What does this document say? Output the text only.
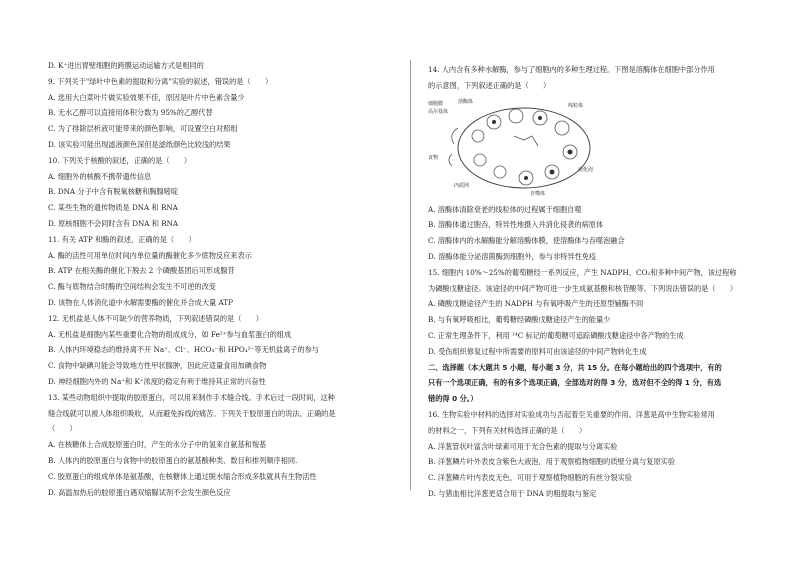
D. K⁺进出胃壁细胞的跨膜运动运输方式是相同的
9. 下列关于"绿叶中色素的提取和分离"实验的叙述，错误的是（　　）
A. 选用大白菜叶片做实验效果不佳，原因是叶片中色素含量少
B. 无水乙醇可以直接用体积分数为 95%的乙醇代替
C. 为了排除层析液可能带来的颜色影响，可设置空白对照组
D. 该实验可能出现滤液颜色深但是滤纸颜色比较浅的结果
10. 下列关于核酸的叙述，正确的是（　　）
A. 细胞外的核酸不携带遗传信息
B. DNA 分子中含有脱氧核糖和胸腺嘧啶
C. 某些生物的遗传物质是 DNA 和 RNA
D. 原核细胞不会同时含有 DNA 和 RNA
11. 有关 ATP 和酶的叙述，正确的是（　　）
A. 酶的活性可用单位时间内单位量的酶催化多少底物反应来表示
B. ATP 在相关酶的催化下脱去 2 个磷酸基团后可形成腺苷
C. 酶与底物结合时酶的空间结构会发生不可逆的改变
D. 该物在人体消化道中水解需要酶的催化并合成大量 ATP
12. 无机盐是人体不可缺少的营养物质，下列叙述错误的是（　　）
A. 无机盐是细胞内某些重要化合物的组成成分，如 Fe²⁺参与血浆蛋白的组成
B. 人体内环境稳态的维持离不开 Na⁺、Cl⁻、HCO₃⁻和 HPO₄²⁻等无机盐离子的参与
C. 食物中缺碘可能会导致地方性甲状腺肿，因此应适量食用加碘食物
D. 神经细胞内外的 Na⁺和 K⁺浓度的稳定有利于维持其正常的兴奋性
13. 某些动物组织中提取的胶原蛋白，可以用来制作手术缝合线。手术后过一段时间，这种
缝合线就可以被人体组织吸收，从而避免拆线的痛苦。下列关于胶原蛋白的说法，正确的是
（　　）
A. 在核糖体上合成胶原蛋白时，产生的水分子中的氢来自氨基和羧基
B. 人体内的胶原蛋白与食物中的胶原蛋白的氨基酸种类、数目和排列顺序相同.
C. 胶原蛋白的组成单体是氨基酸，在核糖体上通过脱水缩合形成多肽就具有生物活性
D. 高温加热后的胶原蛋白遇双缩脲试剂不会发生颜色反应
14. 人内含有多种水解酶，参与了细胞内的多种生理过程。下图是溶酶体在细胞中部分作用
的示意图，下列叙述正确的是（　　）
细胞膜
高尔基体
溶酶体
食物
消化泡
自噬体
线粒体
内质网
A. 溶酶体清除衰老的线粒体的过程属于细胞自噬
B. 溶酶体通过胞吞，特异性地摄入并消化侵袭的病原体
C. 溶酶体内的水解酶能分解溶酶体膜，使溶酶体与吞噬泡融合
D. 溶酶体能分泌溶菌酶到细胞外，参与非特异性免疫
15. 细胞内 10%～25%的葡萄糖经一系列反应，产生 NADPH、CO₂和多种中间产物，该过程称
为磷酸戊糖途径。该途径的中间产物可进一步生成氨基酸和核苷酸等。下列说法错误的是（　　）
A. 磷酸戊糖途径产生的 NADPH 与有氧呼吸产生的还原型辅酶不同
B. 与有氧呼吸相比，葡萄糖经磷酸戊糖途径产生的能量少
C. 正常生理条件下，利用 ¹⁴C 标记的葡萄糖可追踪磷酸戊糖途径中各产物的生成
D. 受伤组织修复过程中所需要的原料可由该途径的中间产物转化生成
二、选择题（本大题共 5 小题，每小题 3 分，共 15 分。在每小题给出的四个选项中，有的
只有一个选项正确，有的有多个选项正确，全部选对的得 3 分，选对但不全的得 1 分，有选
错的得 0 分。）
16. 生物实验中材料的选择对实验成功与否起着至关重要的作用。洋葱是高中生物实验常用
的材料之一，下列有关材料选择正确的是（　　）
A. 洋葱管状叶富含叶绿素可用于光合色素的提取与分离实验
B. 洋葱鳞片叶外表皮含紫色大液泡，用于观察植物细胞的质壁分离与复原实验
C. 洋葱鳞片叶内表皮无色，可用于观察植物细胞的有丝分裂实验
D. 与猪血相比洋葱更适合用于 DNA 的粗提取与鉴定
